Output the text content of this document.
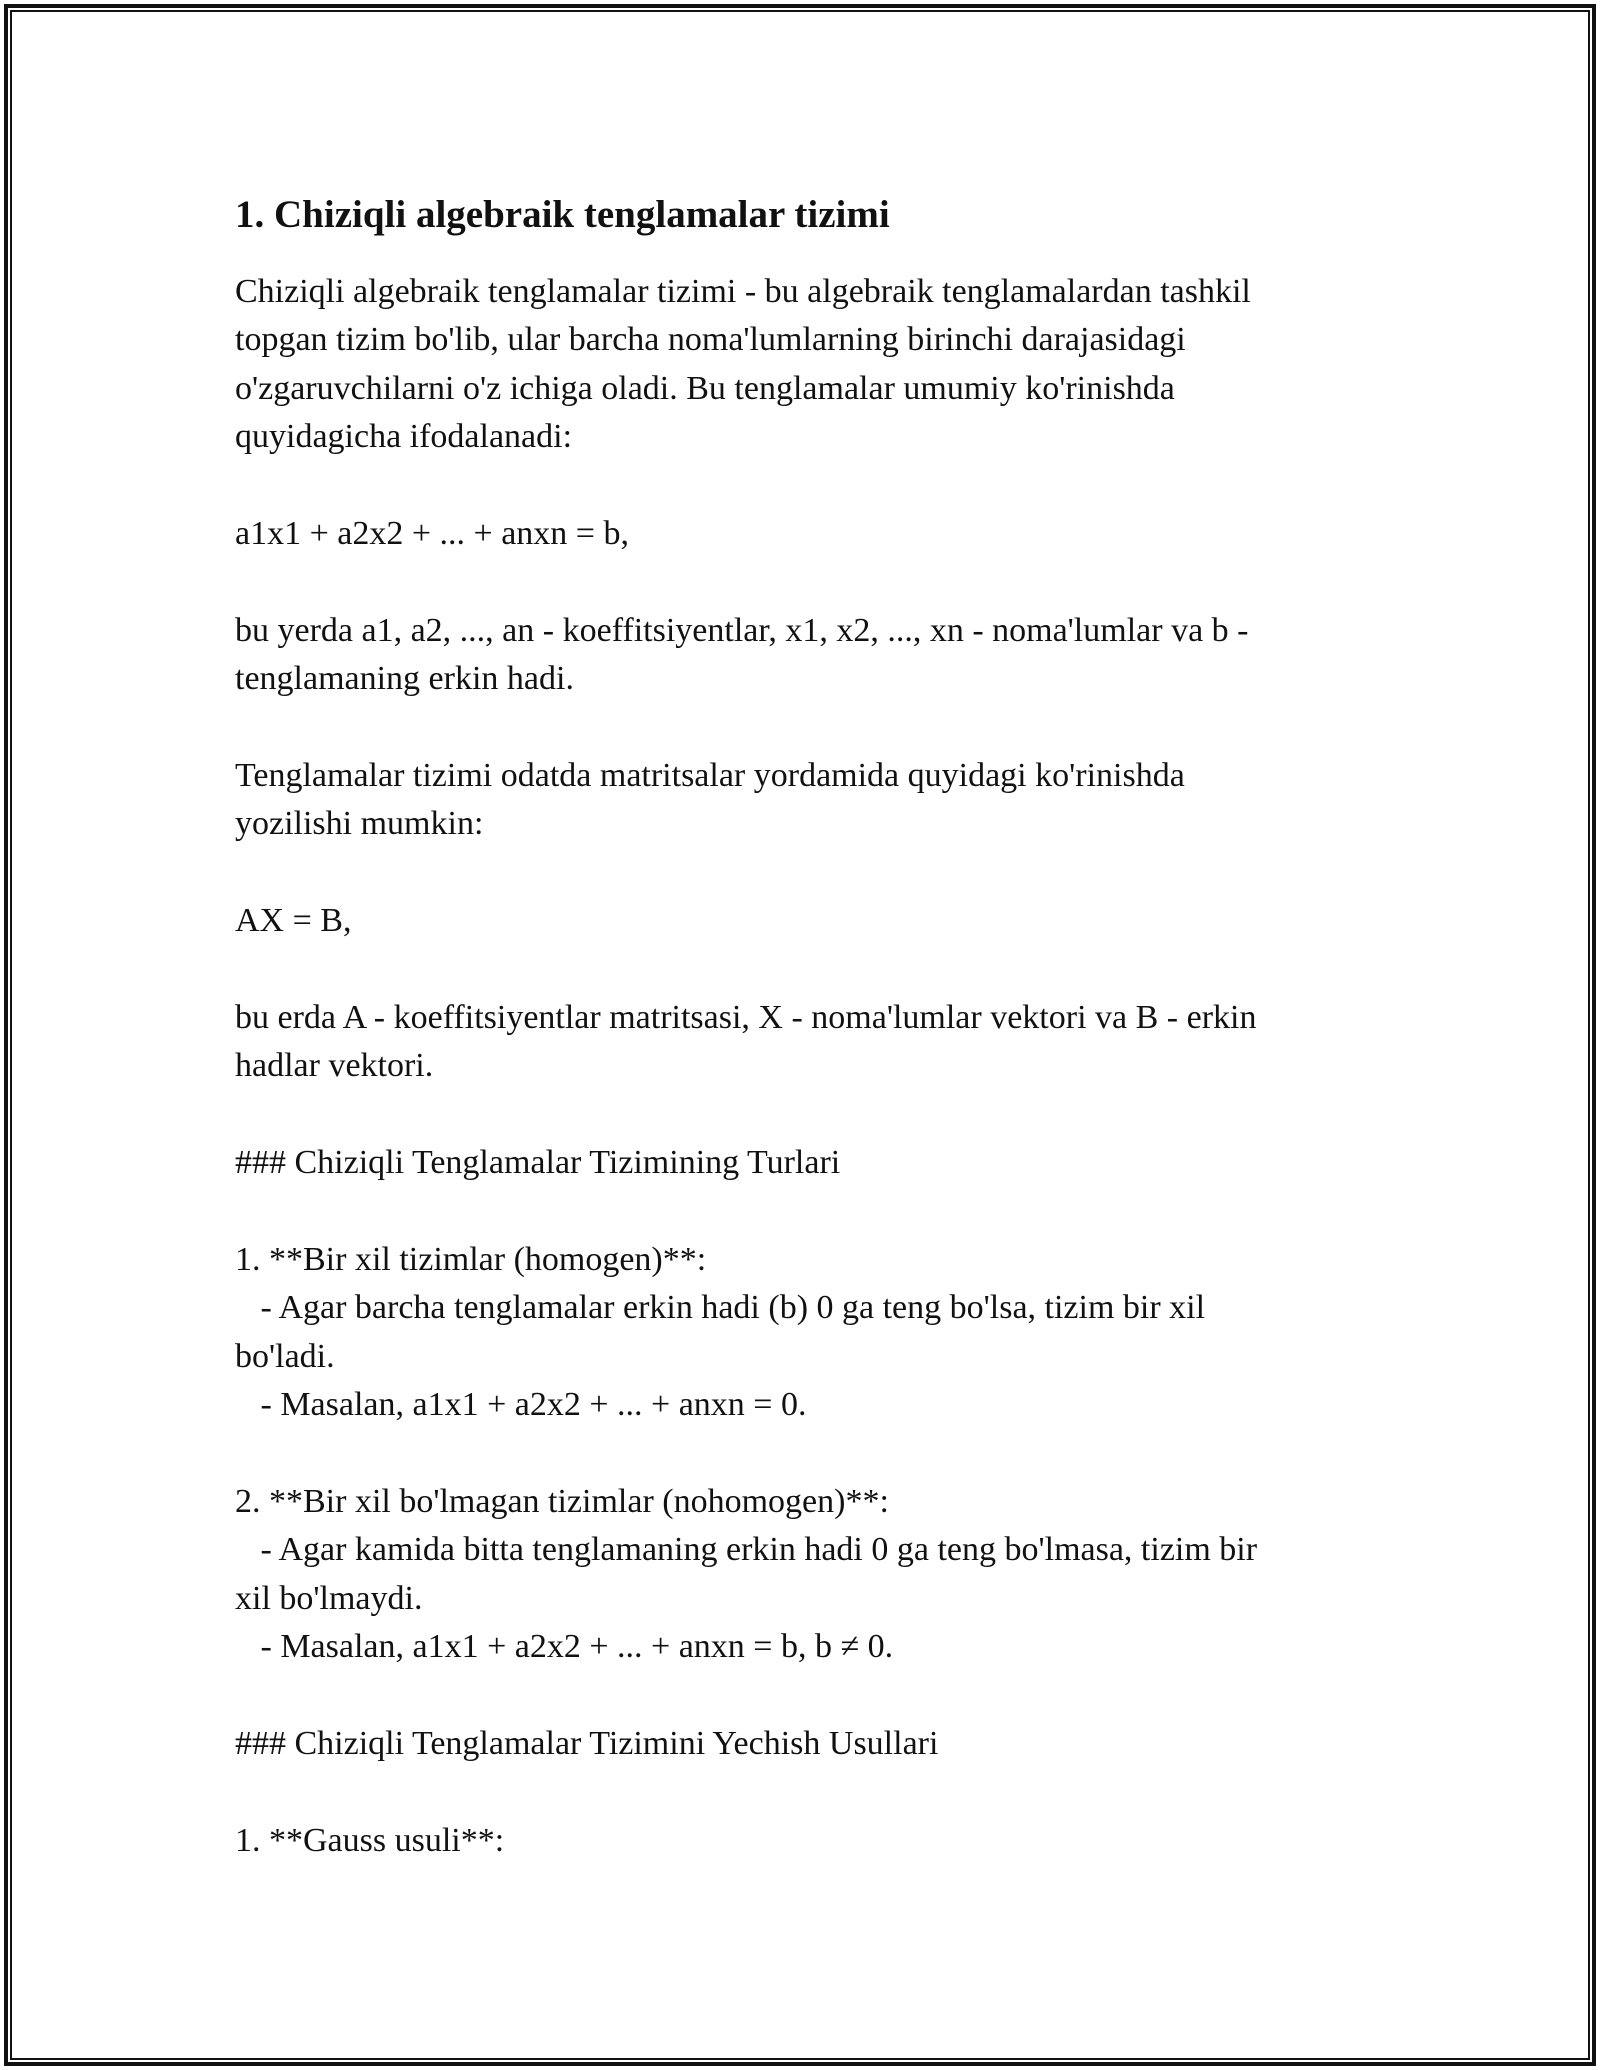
1. Chiziqli algebraik tenglamalar tizimi
Chiziqli algebraik tenglamalar tizimi - bu algebraik tenglamalardan tashkil
topgan tizim bo'lib, ular barcha noma'lumlarning birinchi darajasidagi
o'zgaruvchilarni o'z ichiga oladi. Bu tenglamalar umumiy ko'rinishda
quyidagicha ifodalanadi:
a1x1 + a2x2 + ... + anxn = b,
bu yerda a1, a2, ..., an - koeffitsiyentlar, x1, x2, ..., xn - noma'lumlar va b -
tenglamaning erkin hadi.
Tenglamalar tizimi odatda matritsalar yordamida quyidagi ko'rinishda
yozilishi mumkin:
AX = B,
bu erda A - koeffitsiyentlar matritsasi, X - noma'lumlar vektori va B - erkin
hadlar vektori.
### Chiziqli Tenglamalar Tizimining Turlari
1. **Bir xil tizimlar (homogen)**:
- Agar barcha tenglamalar erkin hadi (b) 0 ga teng bo'lsa, tizim bir xil
bo'ladi.
- Masalan, a1x1 + a2x2 + ... + anxn = 0.
2. **Bir xil bo'lmagan tizimlar (nohomogen)**:
- Agar kamida bitta tenglamaning erkin hadi 0 ga teng bo'lmasa, tizim bir
xil bo'lmaydi.
- Masalan, a1x1 + a2x2 + ... + anxn = b, b ≠ 0.
### Chiziqli Tenglamalar Tizimini Yechish Usullari
1. **Gauss usuli**:
